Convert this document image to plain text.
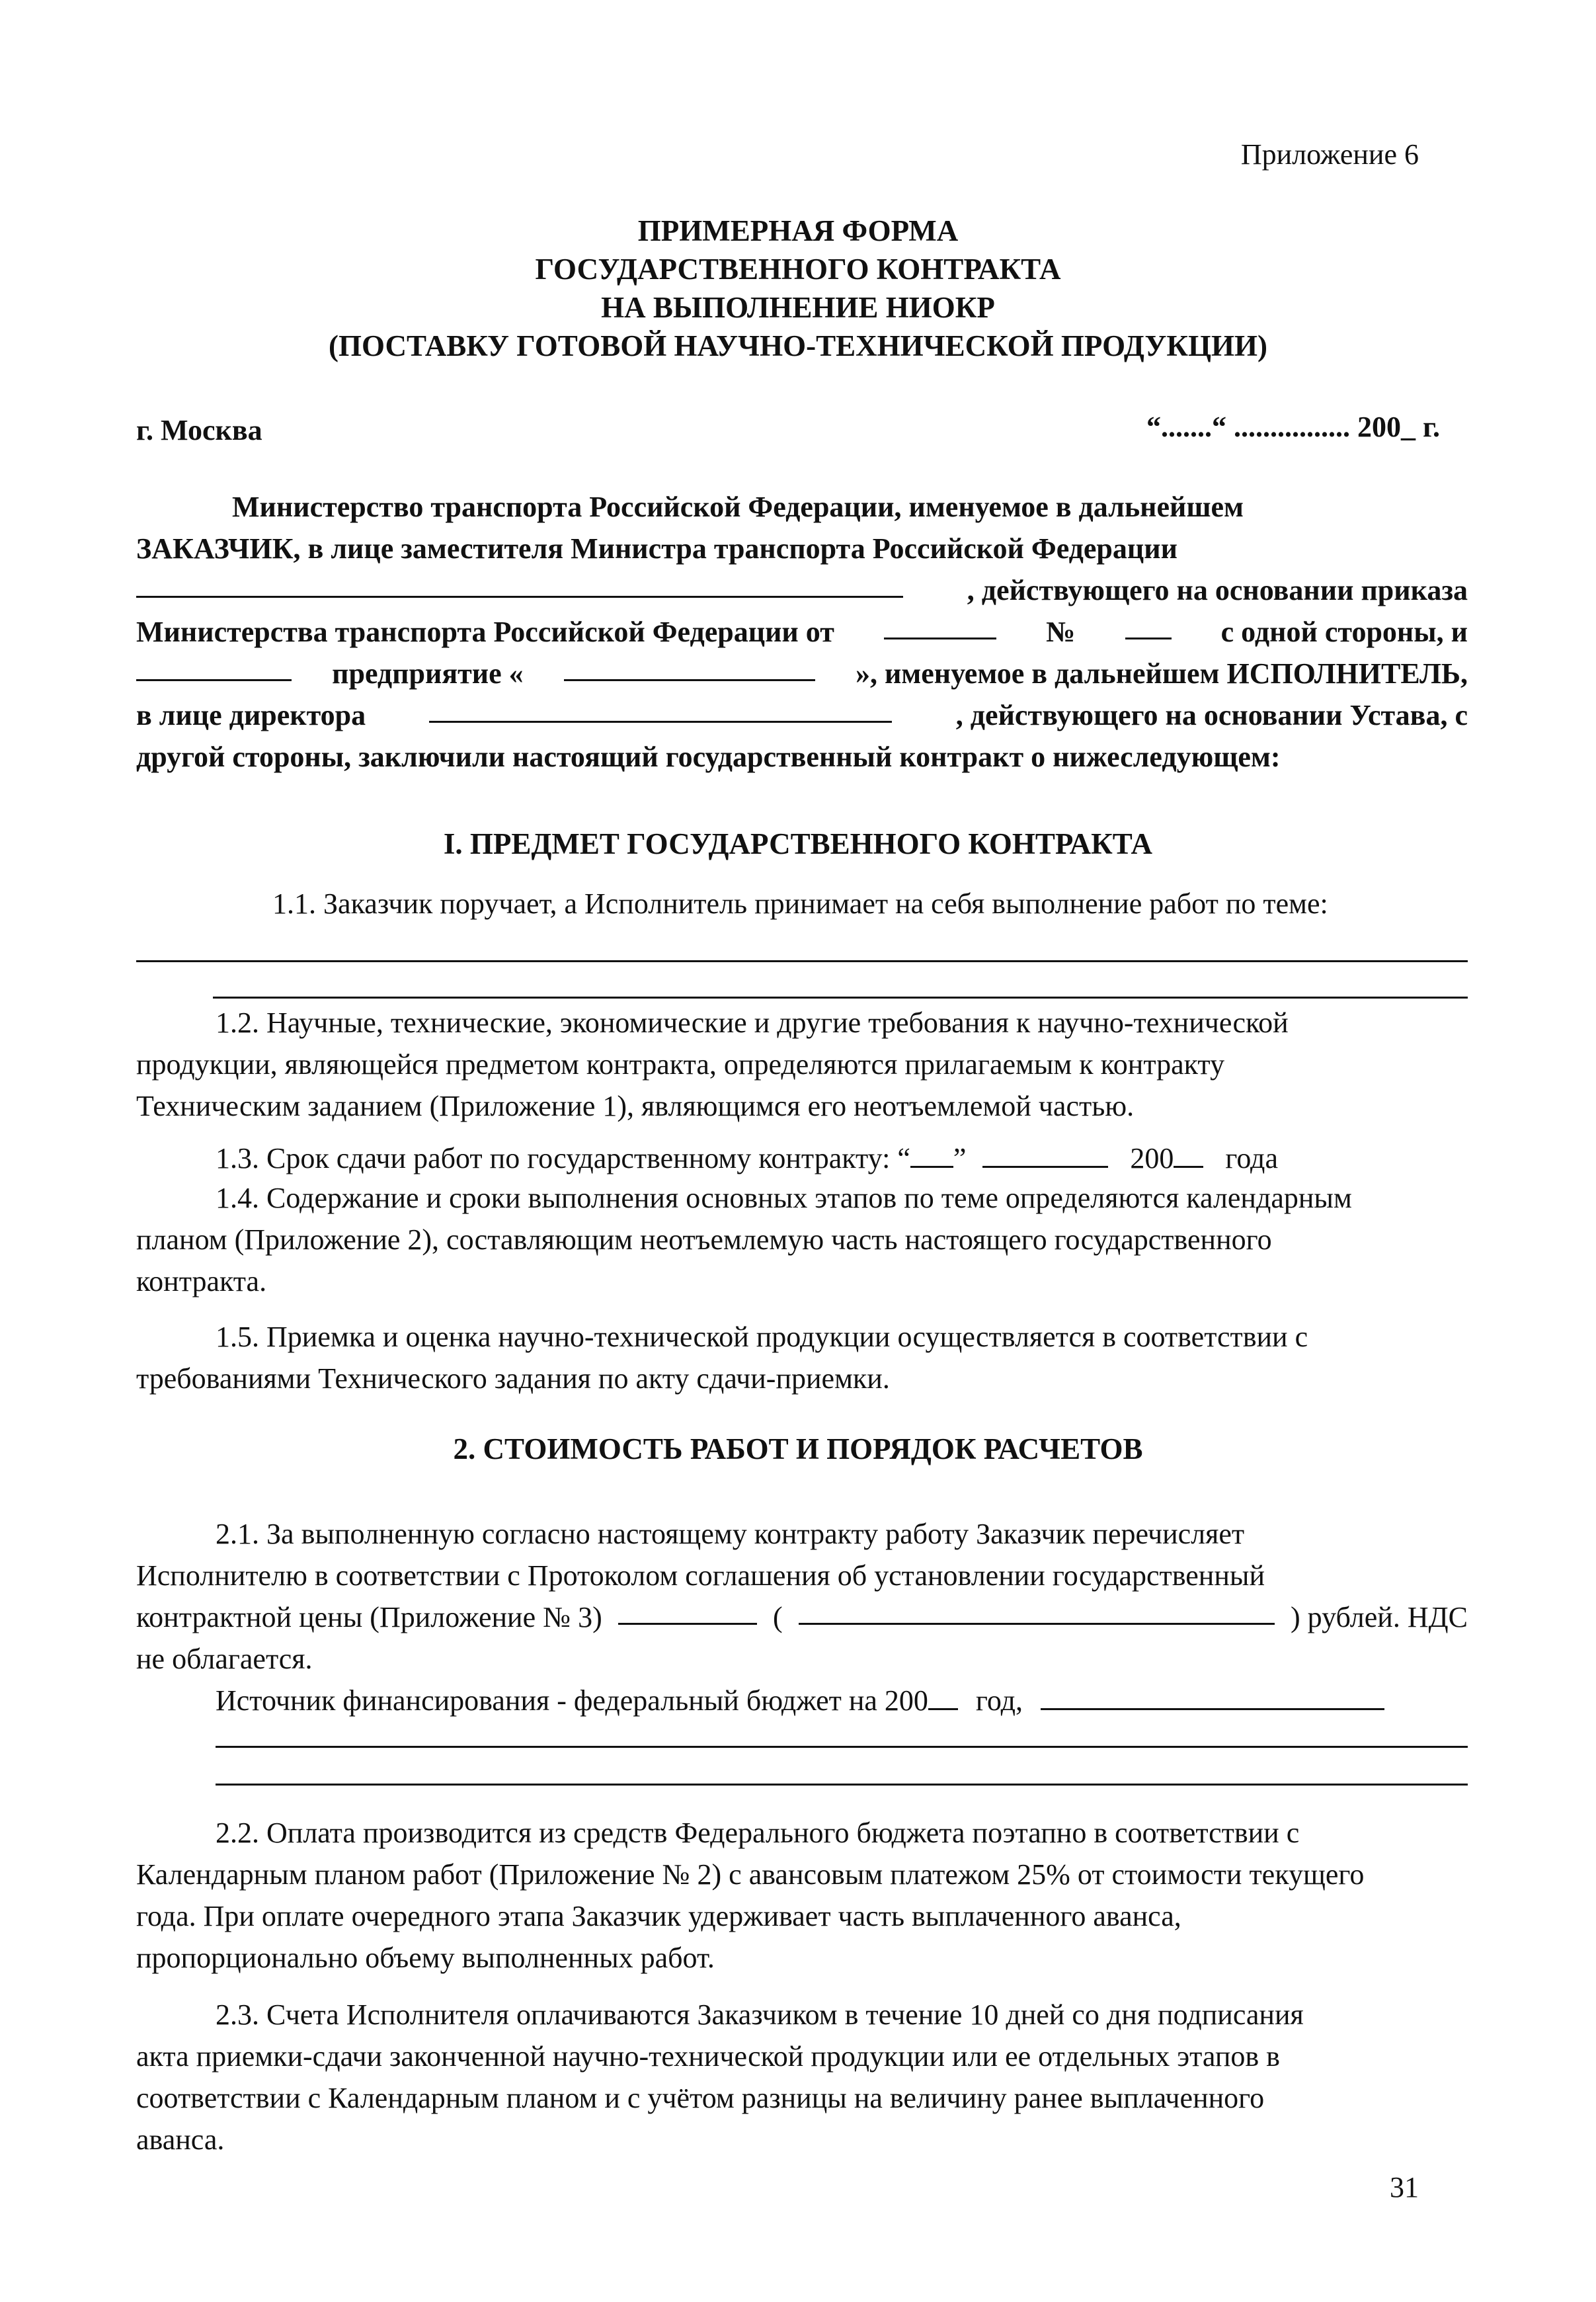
Приложение 6
ПРИМЕРНАЯ ФОРМА
ГОСУДАРСТВЕННОГО КОНТРАКТА
НА ВЫПОЛНЕНИЕ НИОКР
(ПОСТАВКУ ГОТОВОЙ НАУЧНО-ТЕХНИЧЕСКОЙ ПРОДУКЦИИ)
г. Москва	“.......“ ................ 200_ г.
Министерство транспорта Российской Федерации, именуемое в дальнейшем
ЗАКАЗЧИК, в лице заместителя Министра транспорта Российской Федерации
, действующего на основании приказа
Министерства транспорта Российской Федерации от	№	с одной стороны, и
предприятие «	», именуемое в дальнейшем ИСПОЛНИТЕЛЬ,
в лице директора	, действующего на основании Устава, с
другой стороны, заключили настоящий государственный контракт о нижеследующем:
I. ПРЕДМЕТ ГОСУДАРСТВЕННОГО КОНТРАКТА
1.1. Заказчик поручает, а Исполнитель принимает на себя выполнение работ по теме:
1.2. Научные, технические, экономические и другие требования к научно-технической
продукции, являющейся предметом контракта, определяются прилагаемым к контракту
Техническим заданием (Приложение 1), являющимся его неотъемлемой частью.
1.3. Срок сдачи работ по государственному контракту: “ ”	200 года
1.4. Содержание и сроки выполнения основных этапов по теме определяются календарным
планом (Приложение 2), составляющим неотъемлемую часть настоящего государственного
контракта.
1.5. Приемка и оценка научно-технической продукции осуществляется в соответствии с
требованиями Технического задания по акту сдачи-приемки.
2. СТОИМОСТЬ РАБОТ И ПОРЯДОК РАСЧЕТОВ
2.1. За выполненную согласно настоящему контракту работу Заказчик перечисляет
Исполнителю в соответствии с Протоколом соглашения об установлении государственный
контрактной цены (Приложение № 3)	(	) рублей. НДС
не облагается.
Источник финансирования - федеральный бюджет на 200 год,
2.2. Оплата производится из средств Федерального бюджета поэтапно в соответствии с
Календарным планом работ (Приложение № 2) с авансовым платежом 25% от стоимости текущего
года. При оплате очередного этапа Заказчик удерживает часть выплаченного аванса,
пропорционально объему выполненных работ.
2.3. Счета Исполнителя оплачиваются Заказчиком в течение 10 дней со дня подписания
акта приемки-сдачи законченной научно-технической продукции или ее отдельных этапов в
соответствии с Календарным планом и с учётом разницы на величину ранее выплаченного
аванса.
31
